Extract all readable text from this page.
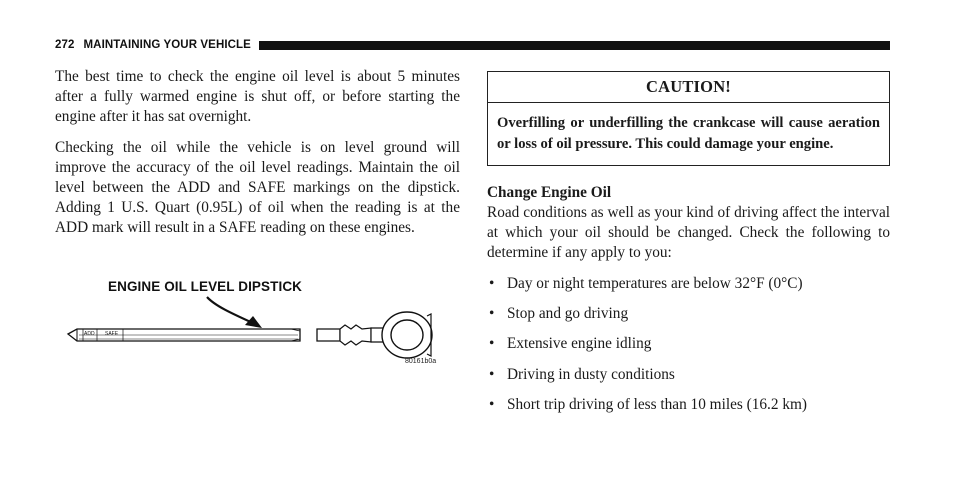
272 MAINTAINING YOUR VEHICLE

The best time to check the engine oil level is about 5 minutes after a fully warmed engine is shut off, or before starting the engine after it has sat overnight.

Checking the oil while the vehicle is on level ground will improve the accuracy of the oil level readings. Maintain the oil level between the ADD and SAFE markings on the dipstick. Adding 1 U.S. Quart (0.95L) of oil when the reading is at the ADD mark will result in a SAFE reading on these engines.

ADD SAFE
ENGINE OIL LEVEL DIPSTICK
80161b0a
CAUTION!
Overfilling or underfilling the crankcase will cause aeration or loss of oil pressure. This could damage your engine.
Change Engine Oil

Road conditions as well as your kind of driving affect the interval at which your oil should be changed. Check the following to determine if any apply to you:

• Day or night temperatures are below 32°F (0°C)
• Stop and go driving
• Extensive engine idling
• Driving in dusty conditions
• Short trip driving of less than 10 miles (16.2 km)
